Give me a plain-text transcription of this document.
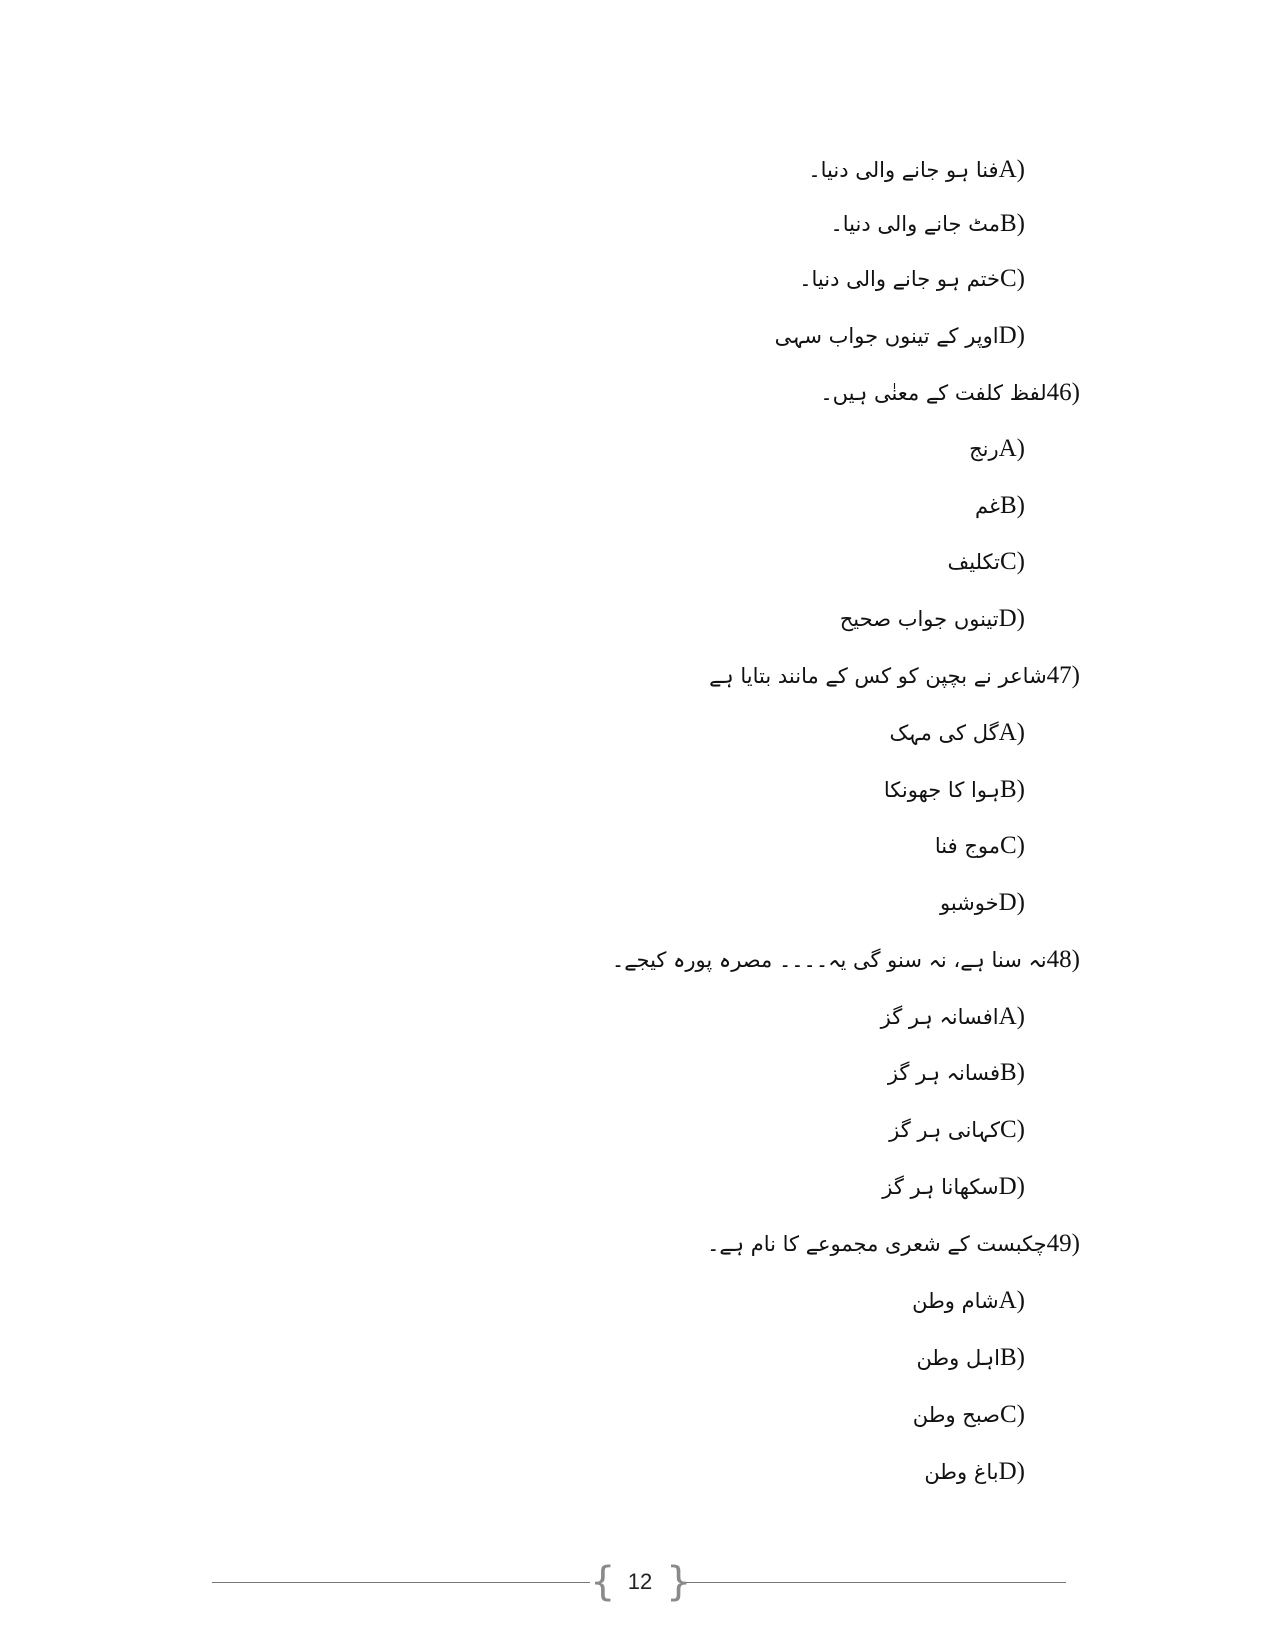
A)فنا ہو جانے والی دنیا۔
B)مٹ جانے والی دنیا۔
C)ختم ہو جانے والی دنیا۔
D)اوپر کے تینوں جواب سہی
46)لفظ کلفت کے معنٰی ہیں۔
A)رنج
B)غم
C)تکلیف
D)تینوں جواب صحیح
47)شاعر نے بچپن کو کس کے مانند بتایا ہے
A)گل کی مہک
B)ہوا کا جھونکا
C)موج فنا
D)خوشبو
48)نہ سنا ہے، نہ سنو گی یہ۔۔۔۔ مصرہ پورہ کیجے۔
A)افسانہ ہر گز
B)فسانہ ہر گز
C)کہانی ہر گز
D)سکھانا ہر گز
49)چکبست کے شعری مجموعے کا نام ہے۔
A)شام وطن
B)اہل وطن
C)صبح وطن
D)باغ وطن
{ 12 }
